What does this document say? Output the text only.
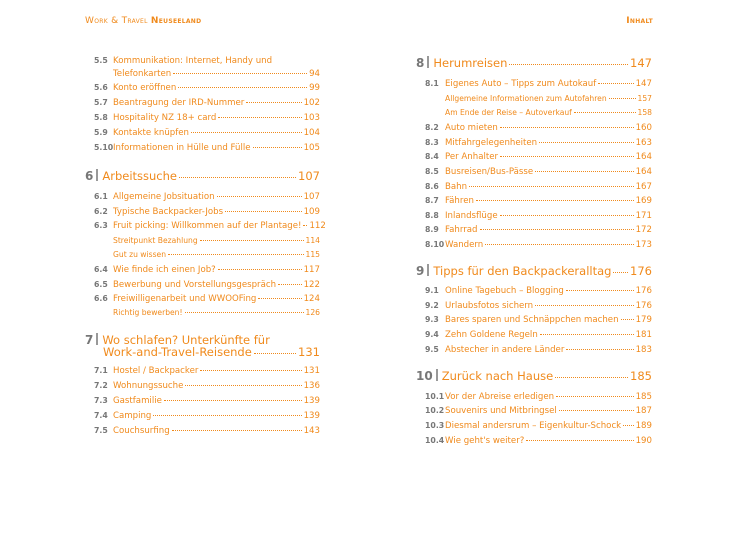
Work & Travel Neuseeland	Inhalt
5.5 Kommunikation: Internet, Handy und
Telefonkarten	94
5.6 Konto eröffnen	99
5.7 Beantragung der IRD-Nummer	102
5.8 Hospitality NZ 18+ card	103
5.9 Kontakte knüpfen	104
5.10 Informationen in Hülle und Fülle	105
6 Arbeitssuche	107
6.1 Allgemeine Jobsituation	107
6.2 Typische Backpacker-Jobs	109
6.3 Fruit picking: Willkommen auf der Plantage! 112
Streitpunkt Bezahlung	114
Gut zu wissen	115
6.4 Wie finde ich einen Job?	117
6.5 Bewerbung und Vorstellungsgespräch	122
6.6 Freiwilligenarbeit und WWOOFing	124
Richtig bewerben!	126
7 Wo schlafen? Unterkünfte für
Work-and-Travel-Reisende	131
7.1 Hostel / Backpacker	131
7.2 Wohnungssuche	136
7.3 Gastfamilie	139
7.4 Camping	139
7.5 Couchsurfing	143
8 Herumreisen	147
8.1 Eigenes Auto – Tipps zum Autokauf	147
Allgemeine Informationen zum Autofahren	157
Am Ende der Reise – Autoverkauf	158
8.2 Auto mieten	160
8.3 Mitfahrgelegenheiten	163
8.4 Per Anhalter	164
8.5 Busreisen/Bus-Pässe	164
8.6 Bahn	167
8.7 Fähren	169
8.8 Inlandsflüge	171
8.9 Fahrrad	172
8.10 Wandern	173
9 Tipps für den Backpackeralltag 176
9.1 Online Tagebuch – Blogging	176
9.2 Urlaubsfotos sichern	176
9.3 Bares sparen und Schnäppchen machen 179
9.4 Zehn Goldene Regeln	181
9.5 Abstecher in andere Länder	183
10 Zurück nach Hause	185
10.1 Vor der Abreise erledigen	185
10.2 Souvenirs und Mitbringsel	187
10.3 Diesmal andersrum – Eigenkultur-Schock 189
10.4 Wie geht's weiter?	190
